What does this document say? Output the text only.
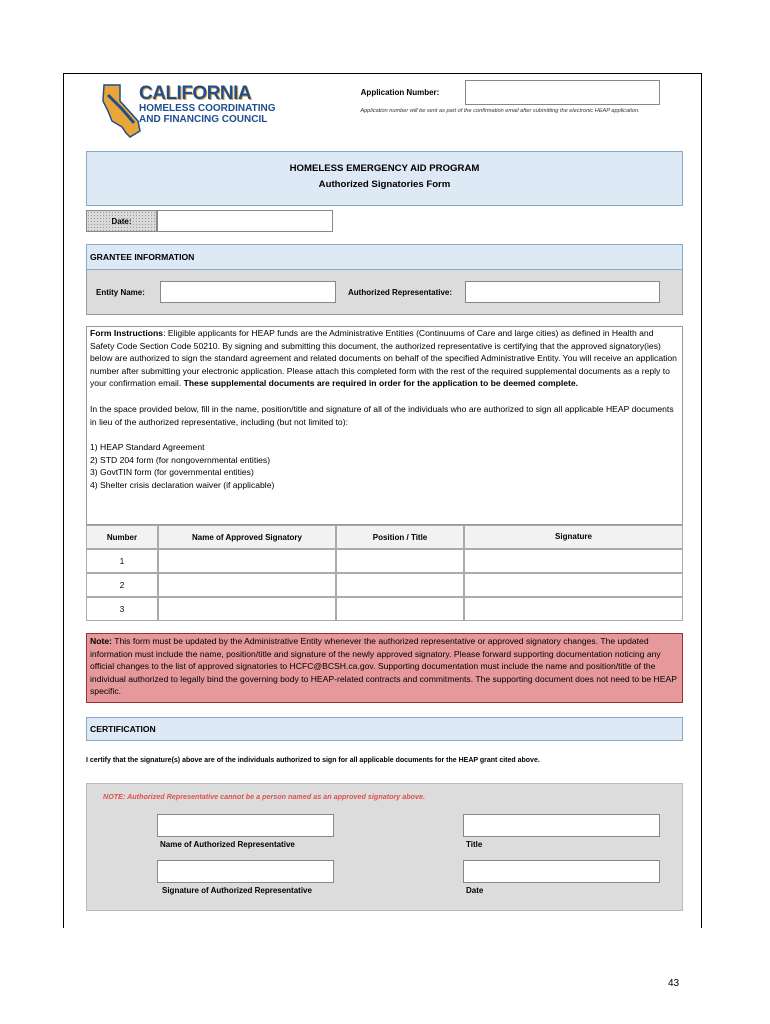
CALIFORNIA
HOMELESS COORDINATING
AND FINANCING COUNCIL
Application Number:
Application number will be sent as part of the confirmation email after submitting the electronic HEAP application.
HOMELESS EMERGENCY AID PROGRAM
Authorized Signatories Form
Date:
GRANTEE INFORMATION
Entity Name:	Authorized Representative:

Form Instructions: Eligible applicants for HEAP funds are the Administrative Entities (Continuums of Care and large cities) as defined in Health and Safety Code Section Code 50210. By signing and submitting this document, the authorized representative is certifying that the approved signatory(ies) below are authorized to sign the standard agreement and related documents on behalf of the specified Administrative Entity. You will receive an application number after submitting your electronic application. Please attach this completed form with the rest of the required supplemental documents as a reply to your confirmation email. These supplemental documents are required in order for the application to be deemed complete.

In the space provided below, fill in the name, position/title and signature of all of the individuals who are authorized to sign all applicable HEAP documents in lieu of the authorized representative, including (but not limited to):

1) HEAP Standard Agreement
2) STD 204 form (for nongovernmental entities)
3) GovtTIN form (for governmental entities)
4) Shelter crisis declaration waiver (if applicable)
Number	Name of Approved Signatory	Position / Title	Signature
1
2
3
Note: This form must be updated by the Administrative Entity whenever the authorized representative or approved signatory changes. The updated information must include the name, position/title and signature of the newly approved signatory. Please forward supporting documentation noticing any official changes to the list of approved signatories to HCFC@BCSH.ca.gov. Supporting documentation must include the name and position/title of the individual authorized to legally bind the governing body to HEAP-related contracts and commitments. The supporting document does not need to be HEAP specific.
CERTIFICATION
I certify that the signature(s) above are of the individuals authorized to sign for all applicable documents for the HEAP grant cited above.
NOTE: Authorized Representative cannot be a person named as an approved signatory above.
Name of Authorized Representative	Title
Signature of Authorized Representative	Date
43
